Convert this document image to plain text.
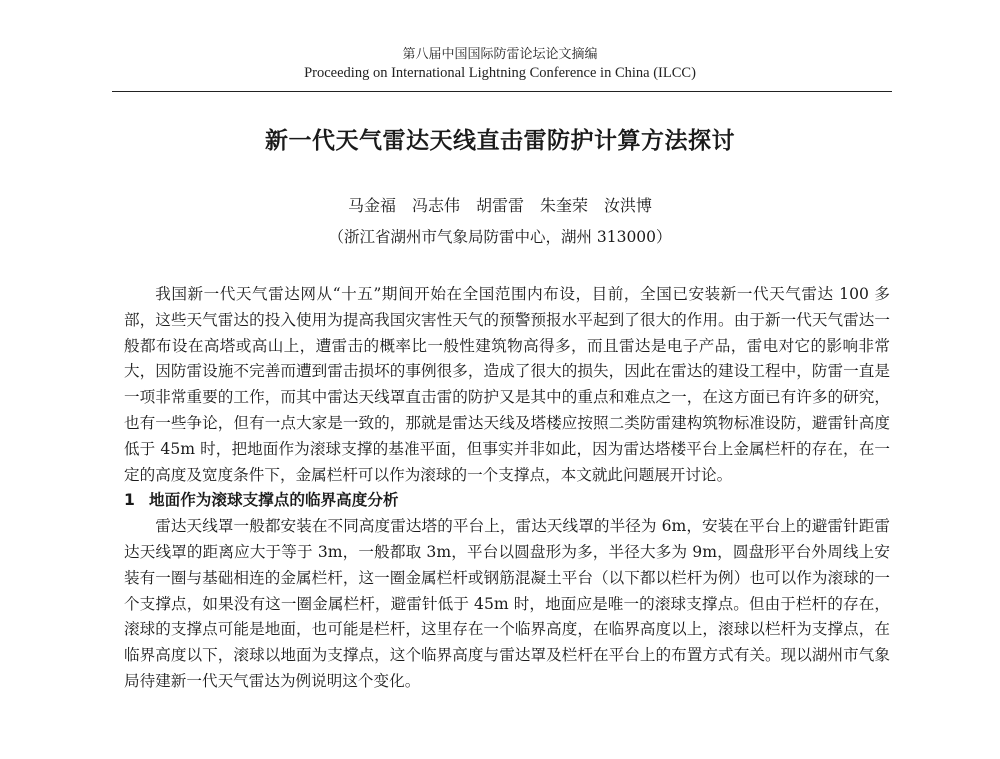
第八届中国国际防雷论坛论文摘编
Proceeding on International Lightning Conference in China (ILCC)
新一代天气雷达天线直击雷防护计算方法探讨
马金福　冯志伟　胡雷雷　朱奎荣　汝洪博
（浙江省湖州市气象局防雷中心，湖州 313000）

我国新一代天气雷达网从“十五”期间开始在全国范围内布设，目前，全国已安装新一代天气雷达 100 多部，这些天气雷达的投入使用为提高我国灾害性天气的预警预报水平起到了很大的作用。由于新一代天气雷达一般都布设在高塔或高山上，遭雷击的概率比一般性建筑物高得多，而且雷达是电子产品，雷电对它的影响非常大，因防雷设施不完善而遭到雷击损坏的事例很多，造成了很大的损失，因此在雷达的建设工程中，防雷一直是一项非常重要的工作，而其中雷达天线罩直击雷的防护又是其中的重点和难点之一，在这方面已有许多的研究，也有一些争论，但有一点大家是一致的，那就是雷达天线及塔楼应按照二类防雷建构筑物标准设防，避雷针高度低于 45m 时，把地面作为滚球支撑的基准平面，但事实并非如此，因为雷达塔楼平台上金属栏杆的存在，在一定的高度及宽度条件下，金属栏杆可以作为滚球的一个支撑点，本文就此问题展开讨论。

1 地面作为滚球支撑点的临界高度分析

雷达天线罩一般都安装在不同高度雷达塔的平台上，雷达天线罩的半径为 6m，安装在平台上的避雷针距雷达天线罩的距离应大于等于 3m，一般都取 3m，平台以圆盘形为多，半径大多为 9m，圆盘形平台外周线上安装有一圈与基础相连的金属栏杆，这一圈金属栏杆或钢筋混凝土平台（以下都以栏杆为例）也可以作为滚球的一个支撑点，如果没有这一圈金属栏杆，避雷针低于 45m 时，地面应是唯一的滚球支撑点。但由于栏杆的存在，滚球的支撑点可能是地面，也可能是栏杆，这里存在一个临界高度，在临界高度以上，滚球以栏杆为支撑点，在临界高度以下，滚球以地面为支撑点，这个临界高度与雷达罩及栏杆在平台上的布置方式有关。现以湖州市气象局待建新一代天气雷达为例说明这个变化。
